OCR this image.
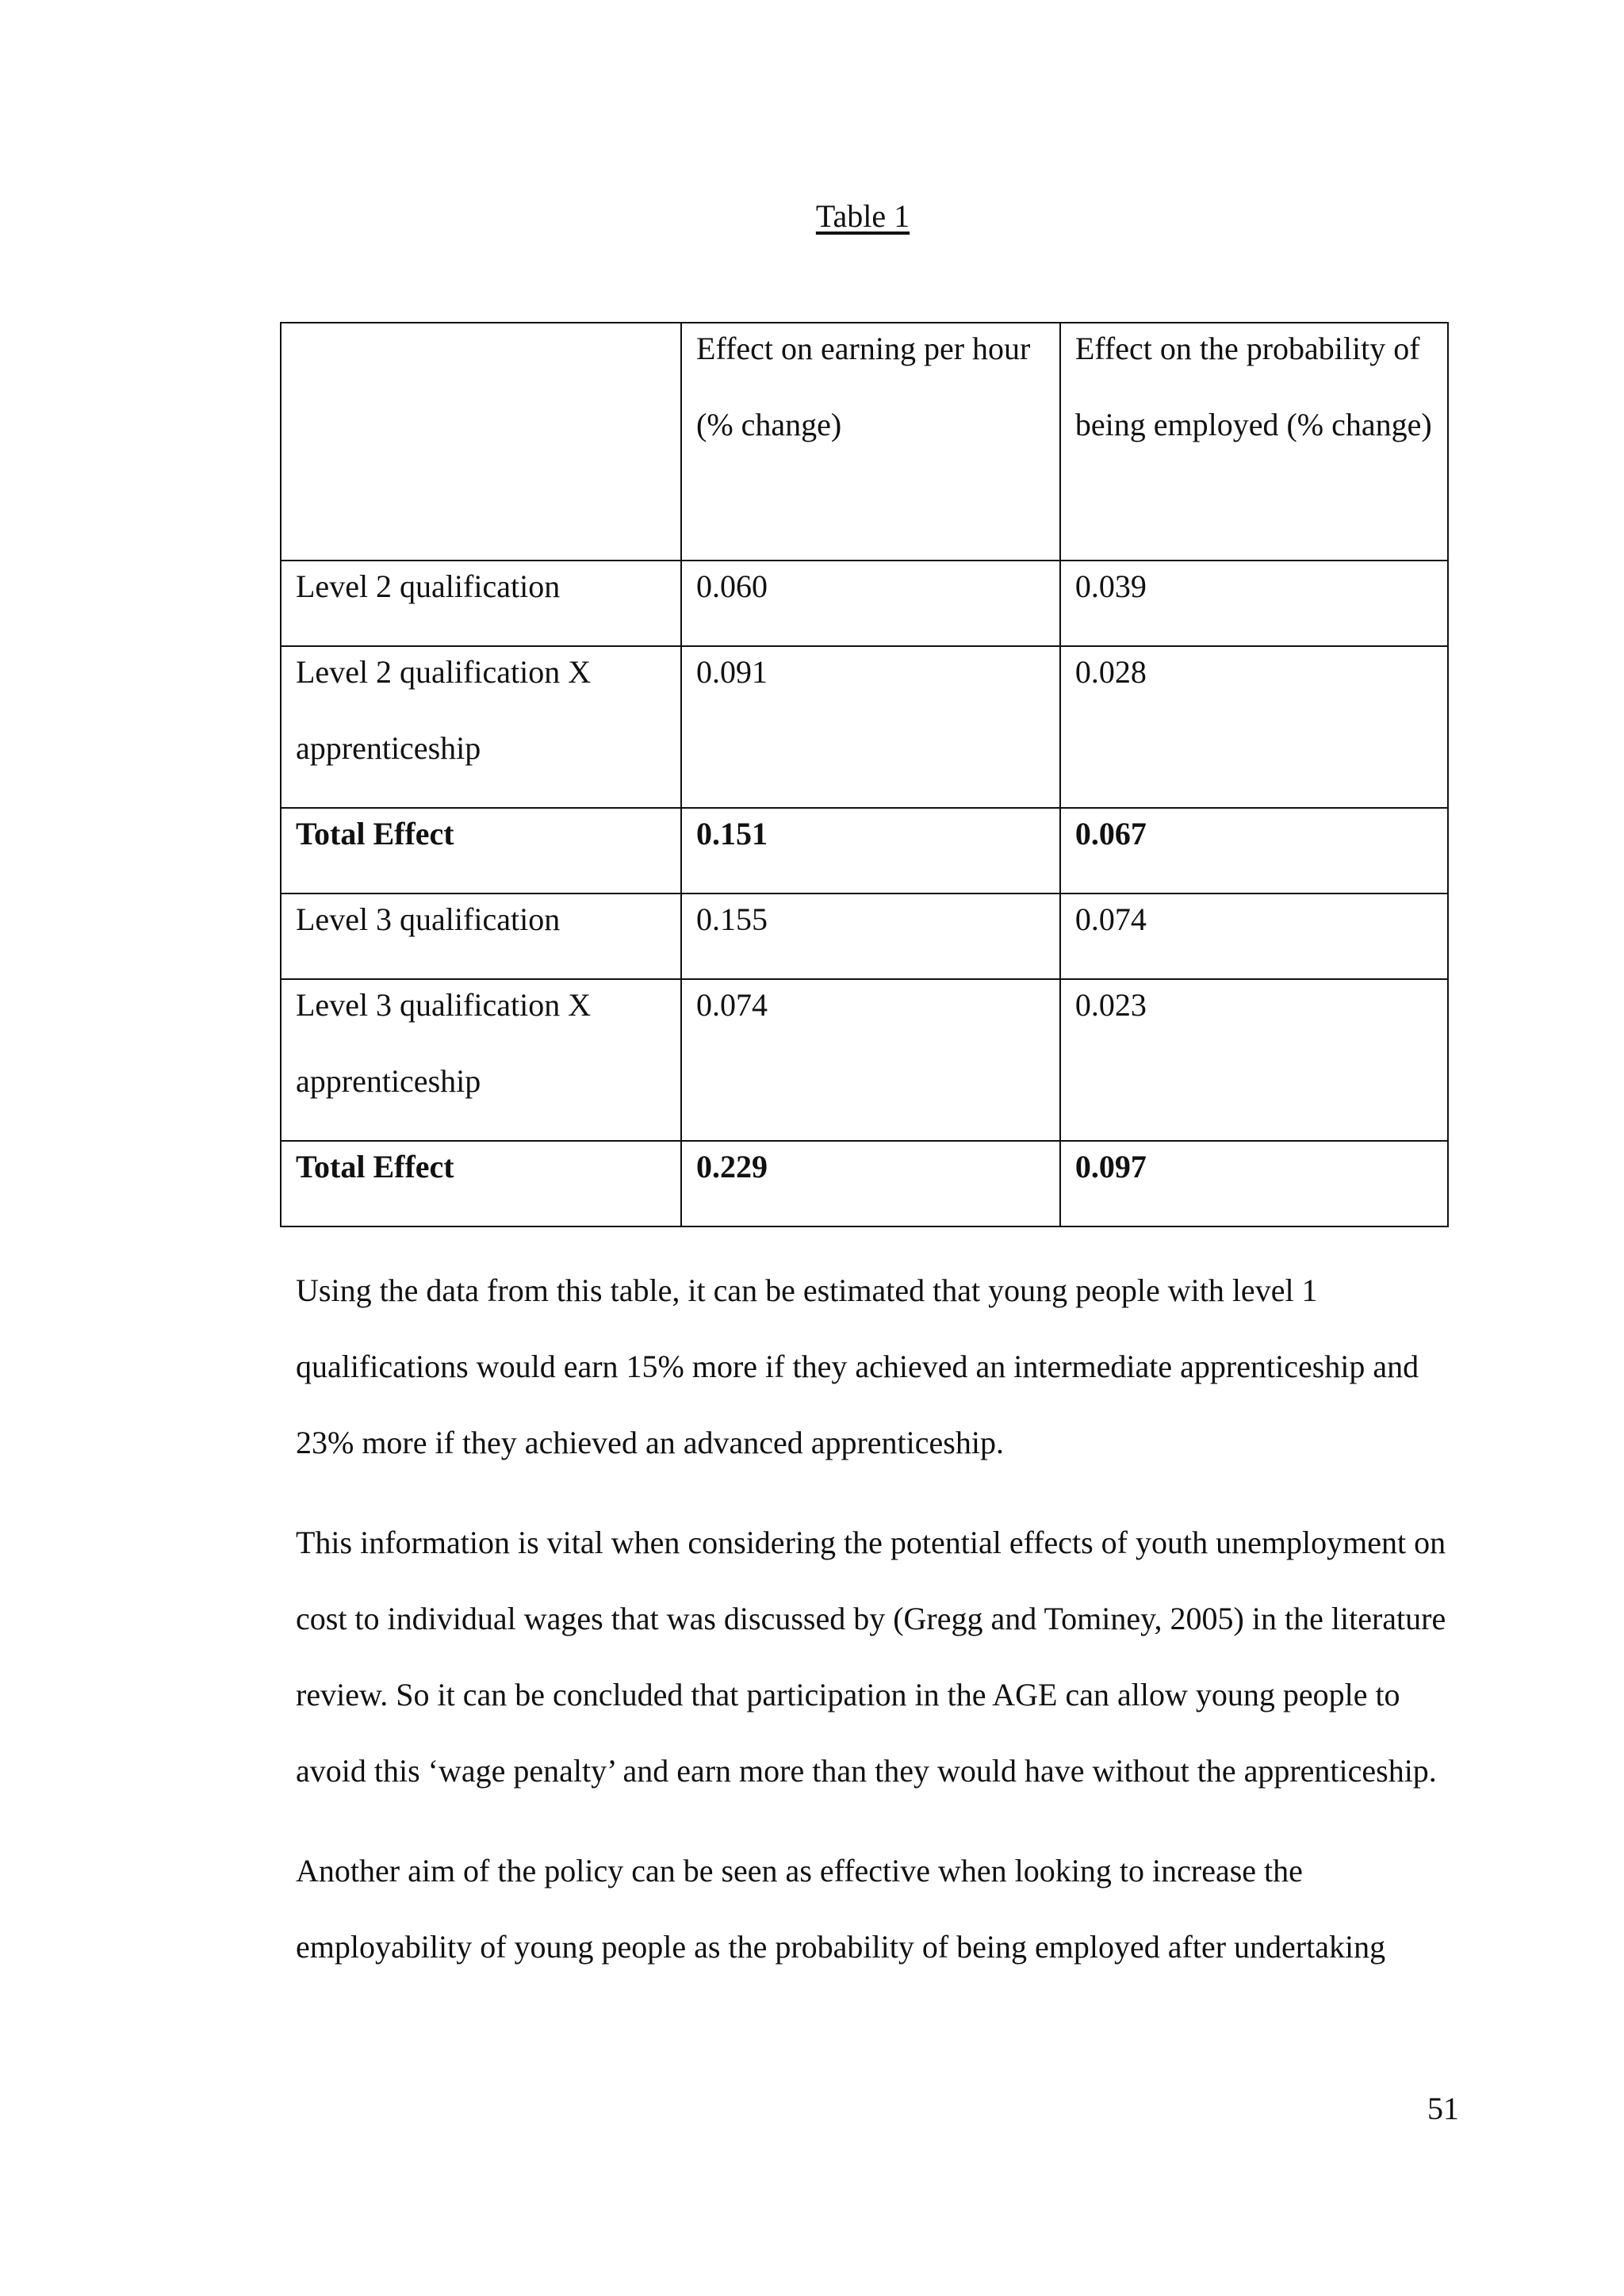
Table 1

	Effect on earning per hour (% change)	Effect on the probability of being employed (% change)

Level 2 qualification	0.060	0.039

Level 2 qualification X apprenticeship	0.091	0.028

Total Effect	0.151	0.067

Level 3 qualification	0.155	0.074

Level 3 qualification X apprenticeship	0.074	0.023

Total Effect	0.229	0.097

Using the data from this table, it can be estimated that young people with level 1 qualifications would earn 15% more if they achieved an intermediate apprenticeship and 23% more if they achieved an advanced apprenticeship.

This information is vital when considering the potential effects of youth unemployment on cost to individual wages that was discussed by (Gregg and Tominey, 2005) in the literature review. So it can be concluded that participation in the AGE can allow young people to avoid this ‘wage penalty’ and earn more than they would have without the apprenticeship.

Another aim of the policy can be seen as effective when looking to increase the employability of young people as the probability of being employed after undertaking

51
